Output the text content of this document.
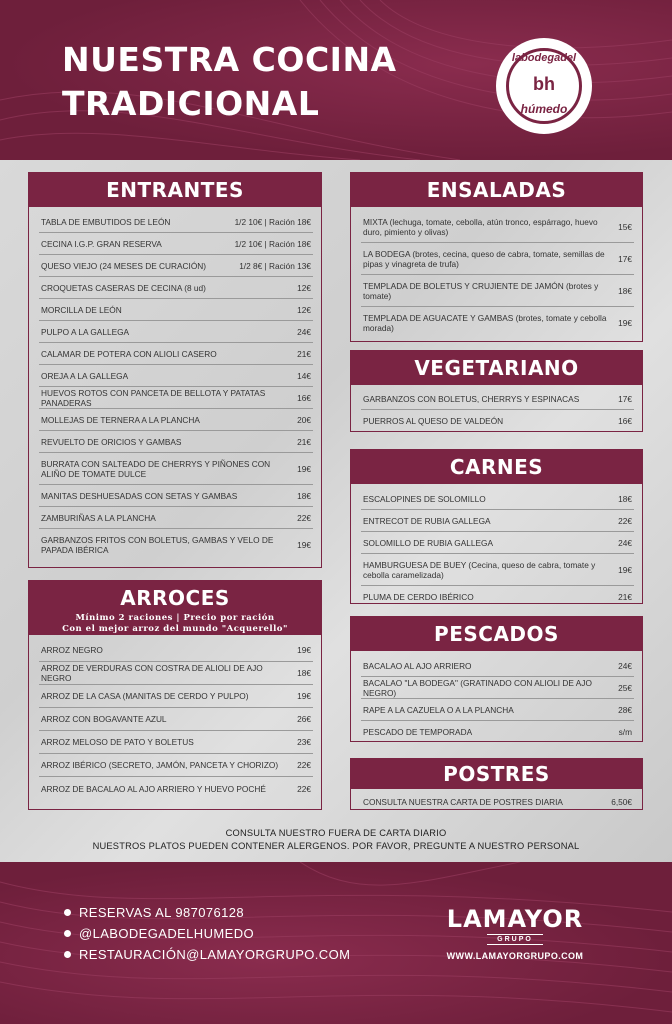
NUESTRA COCINA
TRADICIONAL
labodegadel
bh
húmedo
ENTRANTES
TABLA DE EMBUTIDOS DE LEÓN	1/2 10€ | Ración 18€
CECINA I.G.P. GRAN RESERVA	1/2 10€ | Ración 18€
QUESO VIEJO (24 MESES DE CURACIÓN)	1/2 8€ | Ración 13€
CROQUETAS CASERAS DE CECINA (8 ud)	12€
MORCILLA DE LEÓN	12€
PULPO A LA GALLEGA	24€
CALAMAR DE POTERA CON ALIOLI CASERO	21€
OREJA A LA GALLEGA	14€
HUEVOS ROTOS CON PANCETA DE BELLOTA Y PATATAS PANADERAS	16€
MOLLEJAS DE TERNERA A LA PLANCHA	20€
REVUELTO DE ORICIOS Y GAMBAS	21€
BURRATA CON SALTEADO DE CHERRYS Y PIÑONES CON ALIÑO DE TOMATE DULCE	19€
MANITAS DESHUESADAS CON SETAS Y GAMBAS	18€
ZAMBURIÑAS A LA PLANCHA	22€
GARBANZOS FRITOS CON BOLETUS, GAMBAS Y VELO DE PAPADA IBÉRICA	19€
ARROCES
Mínimo 2 raciones | Precio por ración
Con el mejor arroz del mundo "Acquerello"
ARROZ NEGRO	19€
ARROZ DE VERDURAS CON COSTRA DE ALIOLI DE AJO NEGRO	18€
ARROZ DE LA CASA (MANITAS DE CERDO Y PULPO)	19€
ARROZ CON BOGAVANTE AZUL	26€
ARROZ MELOSO DE PATO Y BOLETUS	23€
ARROZ IBÉRICO (SECRETO, JAMÓN, PANCETA Y CHORIZO)	22€
ARROZ DE BACALAO AL AJO ARRIERO Y HUEVO POCHÉ	22€
ENSALADAS
MIXTA (lechuga, tomate, cebolla, atún tronco, espárrago, huevo duro, pimiento y olivas)	15€
LA BODEGA (brotes, cecina, queso de cabra, tomate, semillas de pipas y vinagreta de trufa)	17€
TEMPLADA DE BOLETUS Y CRUJIENTE DE JAMÓN (brotes y tomate)	18€
TEMPLADA DE AGUACATE Y GAMBAS (brotes, tomate y cebolla morada)	19€
VEGETARIANO
GARBANZOS CON BOLETUS, CHERRYS Y ESPINACAS	17€
PUERROS AL QUESO DE VALDEÓN	16€
CARNES
ESCALOPINES DE SOLOMILLO	18€
ENTRECOT DE RUBIA GALLEGA	22€
SOLOMILLO DE RUBIA GALLEGA	24€
HAMBURGUESA DE BUEY (Cecina, queso de cabra, tomate y cebolla caramelizada)	19€
PLUMA DE CERDO IBÉRICO	21€
PESCADOS
BACALAO AL AJO ARRIERO	24€
BACALAO "LA BODEGA" (GRATINADO CON ALIOLI DE AJO NEGRO)	25€
RAPE A LA CAZUELA O A LA PLANCHA	28€
PESCADO DE TEMPORADA	s/m
POSTRES
CONSULTA NUESTRA CARTA DE POSTRES DIARIA	6,50€
CONSULTA NUESTRO FUERA DE CARTA DIARIO
NUESTROS PLATOS PUEDEN CONTENER ALERGENOS. POR FAVOR, PREGUNTE A NUESTRO PERSONAL
RESERVAS AL 987076128
@LABODEGADELHUMEDO
RESTAURACIÓN@LAMAYORGRUPO.COM
LAMAYOR
GRUPO
WWW.LAMAYORGRUPO.COM
